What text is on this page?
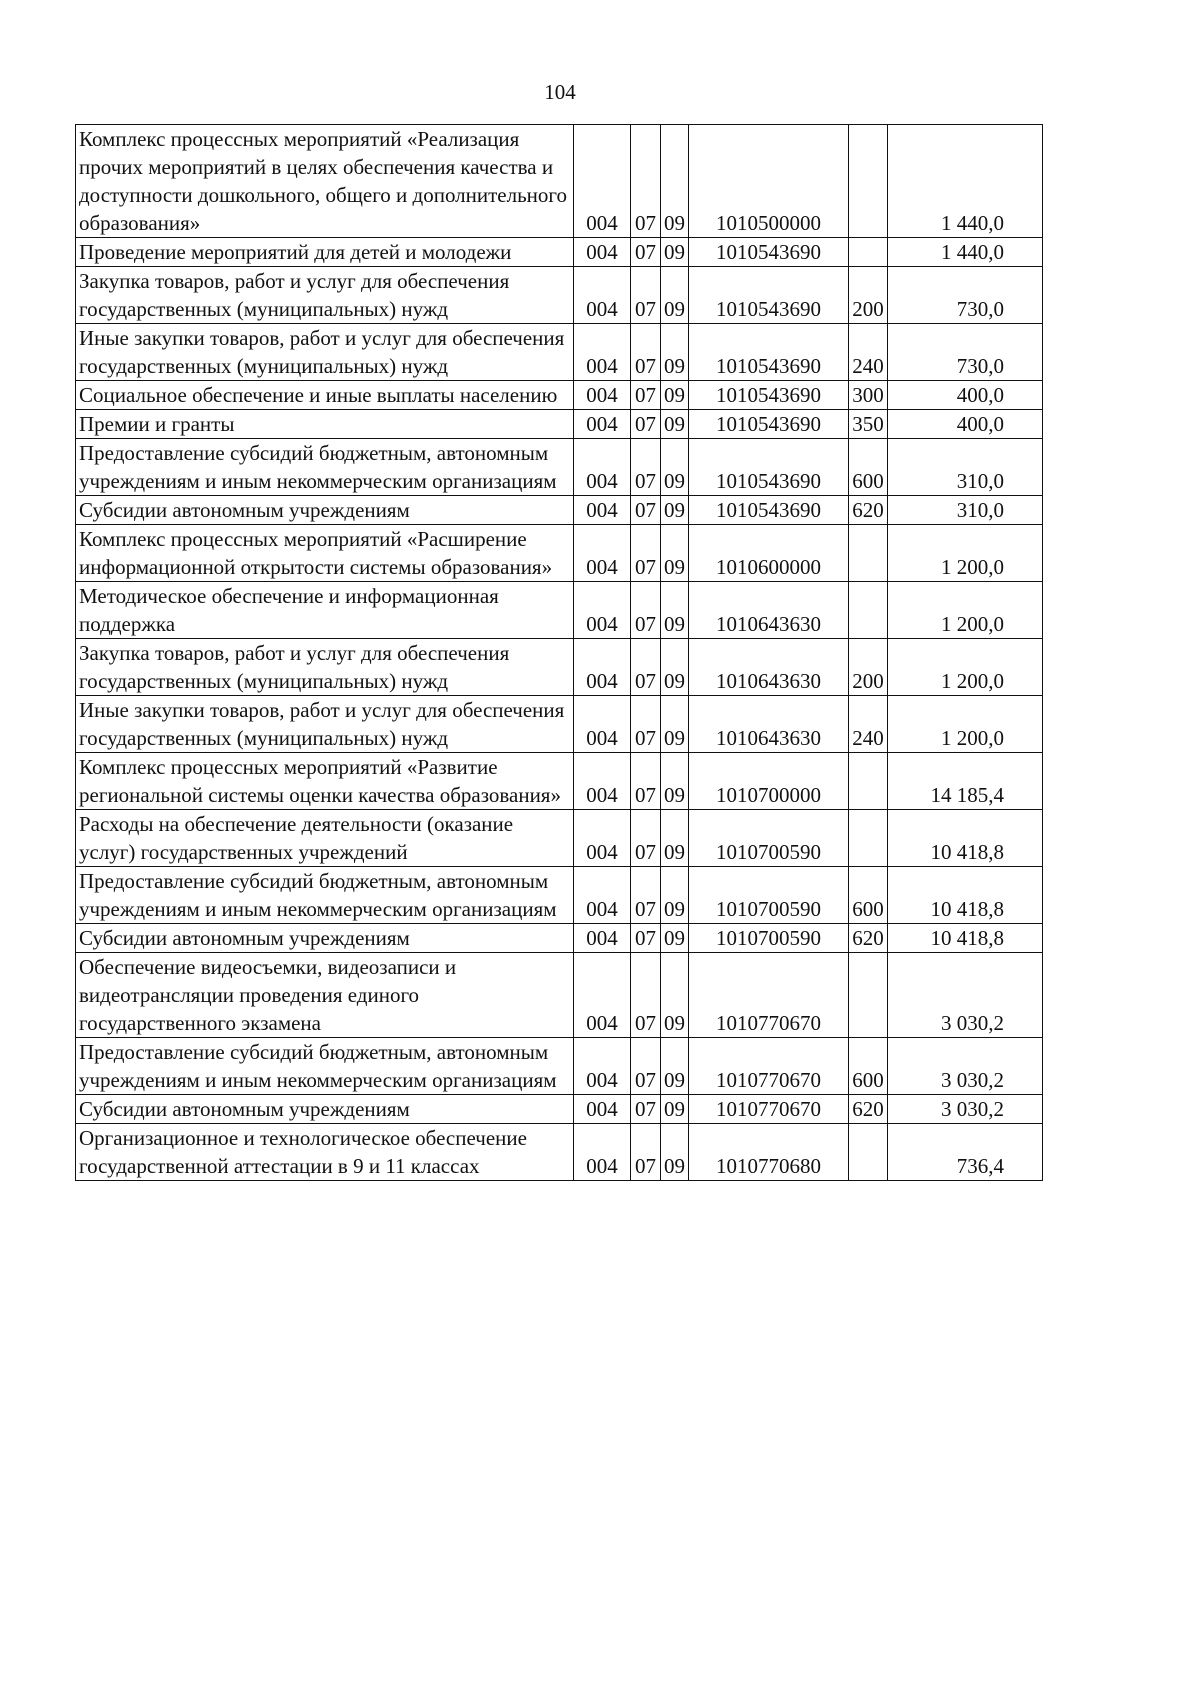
104
Комплекс процессных мероприятий «Реализация прочих мероприятий в целях обеспечения качества и доступности дошкольного, общего и дополнительного образования»	004	07	09	1010500000		1 440,0
Проведение мероприятий для детей и молодежи	004	07	09	1010543690		1 440,0
Закупка товаров, работ и услуг для обеспечения государственных (муниципальных) нужд	004	07	09	1010543690	200	730,0
Иные закупки товаров, работ и услуг для обеспечения государственных (муниципальных) нужд	004	07	09	1010543690	240	730,0
Социальное обеспечение и иные выплаты населению	004	07	09	1010543690	300	400,0
Премии и гранты	004	07	09	1010543690	350	400,0
Предоставление субсидий бюджетным, автономным учреждениям и иным некоммерческим организациям	004	07	09	1010543690	600	310,0
Субсидии автономным учреждениям	004	07	09	1010543690	620	310,0
Комплекс процессных мероприятий «Расширение информационной открытости системы образования»	004	07	09	1010600000		1 200,0
Методическое обеспечение и информационная поддержка	004	07	09	1010643630		1 200,0
Закупка товаров, работ и услуг для обеспечения государственных (муниципальных) нужд	004	07	09	1010643630	200	1 200,0
Иные закупки товаров, работ и услуг для обеспечения государственных (муниципальных) нужд	004	07	09	1010643630	240	1 200,0
Комплекс процессных мероприятий «Развитие региональной системы оценки качества образования»	004	07	09	1010700000		14 185,4
Расходы на обеспечение деятельности (оказание услуг) государственных учреждений	004	07	09	1010700590		10 418,8
Предоставление субсидий бюджетным, автономным учреждениям и иным некоммерческим организациям	004	07	09	1010700590	600	10 418,8
Субсидии автономным учреждениям	004	07	09	1010700590	620	10 418,8
Обеспечение видеосъемки, видеозаписи и видеотрансляции проведения единого государственного экзамена	004	07	09	1010770670		3 030,2
Предоставление субсидий бюджетным, автономным учреждениям и иным некоммерческим организациям	004	07	09	1010770670	600	3 030,2
Субсидии автономным учреждениям	004	07	09	1010770670	620	3 030,2
Организационное и технологическое обеспечение государственной аттестации в 9 и 11 классах	004	07	09	1010770680		736,4
